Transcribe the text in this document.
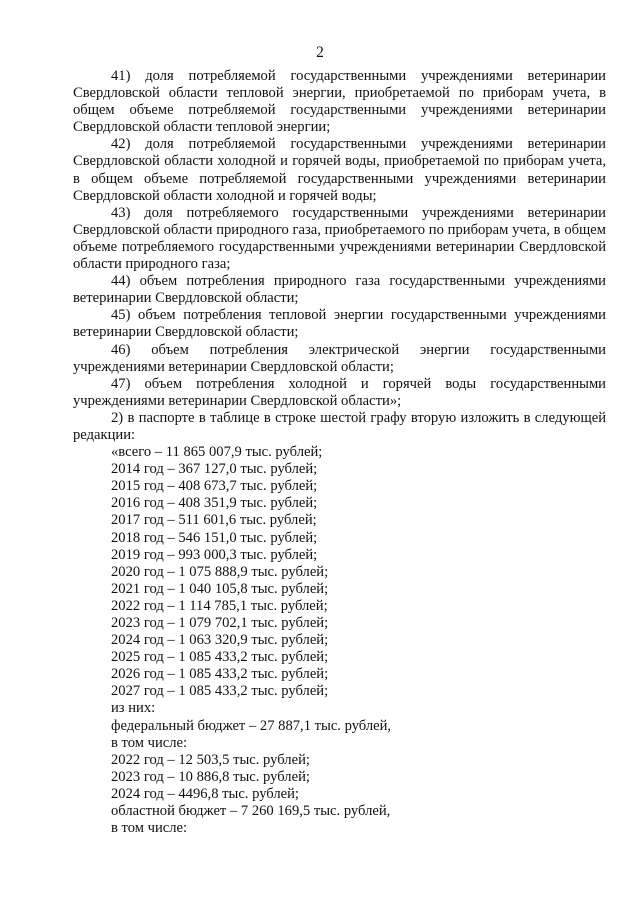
2

41) доля потребляемой государственными учреждениями ветеринарии Свердловской области тепловой энергии, приобретаемой по приборам учета, в общем объеме потребляемой государственными учреждениями ветеринарии Свердловской области тепловой энергии;

42) доля потребляемой государственными учреждениями ветеринарии Свердловской области холодной и горячей воды, приобретаемой по приборам учета, в общем объеме потребляемой государственными учреждениями ветеринарии Свердловской области холодной и горячей воды;

43) доля потребляемого государственными учреждениями ветеринарии Свердловской области природного газа, приобретаемого по приборам учета, в общем объеме потребляемого государственными учреждениями ветеринарии Свердловской области природного газа;

44) объем потребления природного газа государственными учреждениями ветеринарии Свердловской области;

45) объем потребления тепловой энергии государственными учреждениями ветеринарии Свердловской области;

46) объем потребления электрической энергии государственными учреждениями ветеринарии Свердловской области;

47) объем потребления холодной и горячей воды государственными учреждениями ветеринарии Свердловской области»;

2) в паспорте в таблице в строке шестой графу вторую изложить в следующей редакции:

«всего – 11 865 007,9 тыс. рублей;
2014 год – 367 127,0 тыс. рублей;
2015 год – 408 673,7 тыс. рублей;
2016 год – 408 351,9 тыс. рублей;
2017 год – 511 601,6 тыс. рублей;
2018 год – 546 151,0 тыс. рублей;
2019 год – 993 000,3 тыс. рублей;
2020 год – 1 075 888,9 тыс. рублей;
2021 год – 1 040 105,8 тыс. рублей;
2022 год – 1 114 785,1 тыс. рублей;
2023 год – 1 079 702,1 тыс. рублей;
2024 год – 1 063 320,9 тыс. рублей;
2025 год – 1 085 433,2 тыс. рублей;
2026 год – 1 085 433,2 тыс. рублей;
2027 год – 1 085 433,2 тыс. рублей;
из них:
федеральный бюджет – 27 887,1 тыс. рублей,
в том числе:
2022 год – 12 503,5 тыс. рублей;
2023 год – 10 886,8 тыс. рублей;
2024 год – 4496,8 тыс. рублей;
областной бюджет – 7 260 169,5 тыс. рублей,
в том числе:
